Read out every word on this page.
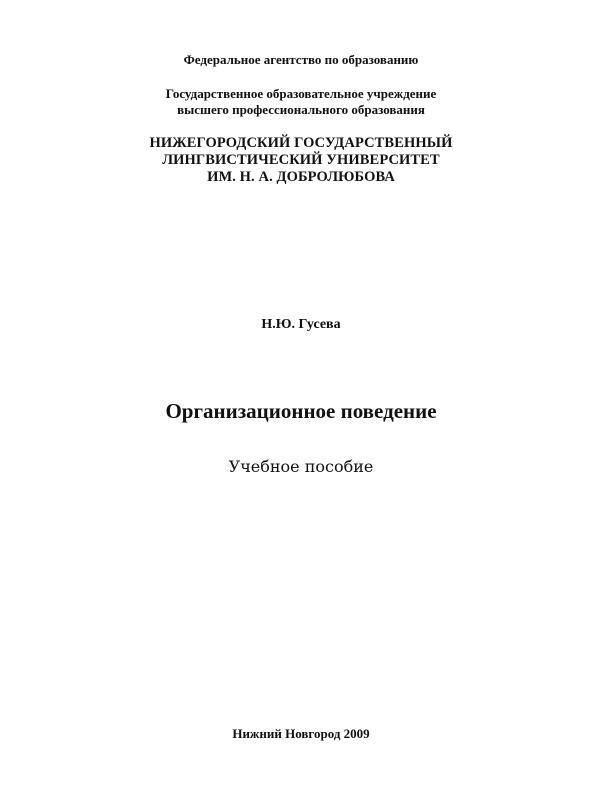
Федеральное агентство по образованию
Государственное образовательное учреждение
высшего профессионального образования
НИЖЕГОРОДСКИЙ ГОСУДАРСТВЕННЫЙ
ЛИНГВИСТИЧЕСКИЙ УНИВЕРСИТЕТ
ИМ. Н. А. ДОБРОЛЮБОВА
Н.Ю. Гусева
Организационное поведение
Учебное пособие
Нижний Новгород 2009
